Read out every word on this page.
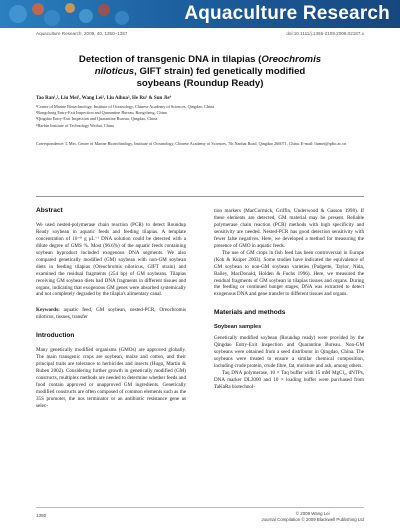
Aquaculture Research
Aquaculture Research, 2009, 40, 1350–1357	doi:10.1111/j.1365-2109.2009.02187.x
Detection of transgenic DNA in tilapias (Oreochromis
niloticus, GIFT strain) fed genetically modified
soybeans (Roundup Ready)
Tao Ran¹,², Liu Mei¹, Wang Lei¹, Liu Aihua², He Ru³ & Sun Jie⁴
¹Center of Marine Biotechnology, Institute of Oceanology, Chinese Academy of Sciences, Qingdao, China
²Rongcheng Entry-Exit Inspection and Quarantine Bureau, Rongcheng, China
³Qingdao Entry-Exit Inspection and Quarantine Bureau, Qingdao, China
⁴Harbin Institute of Technology Weihai, China
Correspondence: L Mei, Center of Marine Biotechnology, Institute of Oceanology, Chinese Academy of Sciences, 7th Nanhai Road, Qingdao 266071, China. E-mail: liumei@qdio.ac.cn
Abstract

We used nested-polymerase chain reaction (PCR) to detect Roundup Ready soybean in aquatic feeds and feeding tilapias. A template concentration of 10⁻⁸ g μL⁻¹ DNA solution could be detected with a dilute degree of GMS %. Most (96.6%) of the aquatic feeds containing soybean byproduct included exogenous DNA segments. We also compared genetically modified (GM) soybean with non-GM soybean diets in feeding tilapias (Oreochromis niloticus, GIFT strain) and examined the residual fragments (254 bp) of GM soybeans. Tilapias receiving GM soybean diets had DNA fragments in different tissues and organs, indicating that exogenous GM genes were absorbed systemically and not completely degraded by the tilapia's alimentary canal.

Keywords: aquatic feed, GM soybean, nested-PCR, Oreochromis niloticus, tissues, transfer

Introduction

Many genetically modified organisms (GMOs) are approved globally. The main transgenic crops are soybean, maize and cotton, and their principal traits are tolerance to herbicides and insects (Hugo, Martin & Ruben 2002). Considering further growth in genetically modified (GM) constructs, multiplex methods are needed to determine whether feeds and food contain approved or unapproved GM ingredients. Genetically modified constructs are often composed of common elements such as the 35S promoter, the nos terminator or an antibiotic resistance gene as selec-

tion markers (MacCormick, Griffin, Underwood & Gasson 1998). If these elements are detected, GM material may be present. Reliable polymerase chain reaction (PCR) methods with high specificity and sensitivity are needed. Nested-PCR has good detection sensitivity with fewer false negatives. Here, we developed a method for measuring the presence of GMO in aquatic feeds.

The use of GM crops in fish feed has been controversial in Europe (Kok & Kuiper 2003). Some studies have indicated the equivalence of GM soybean to non-GM soybean varieties (Padgette, Taylor, Nida, Bailey, MacDonald, Holden & Fuchs 1996). Here, we measured the residual fragments of GM soybean in tilapias tissues and organs. During the feeding or continued hunger stages, DNA was extracted to detect exogenous DNA and gene transfer to different tissues and organs.

Materials and methods
Soybean samples

Genetically modified soybean (Roundup ready) were provided by the Qingdao Entry-Exit Inspection and Quarantine Bureau. Non-GM soybeans were obtained from a seed distributor in Qingdao, China. The soybeans were treated to ensure a similar chemical composition, including crude protein, crude fibre, fat, moisture and ash, among others.

Taq DNA polymerase, 10 × Taq buffer with 15 mM MgCl₂, dNTPs, DNA marker DL2000 and 10 × loading buffer were purchased from TaKaRa biotechnol-

1350	© 2009 Wang Lei
Journal Compilation © 2009 Blackwell Publishing Ltd
